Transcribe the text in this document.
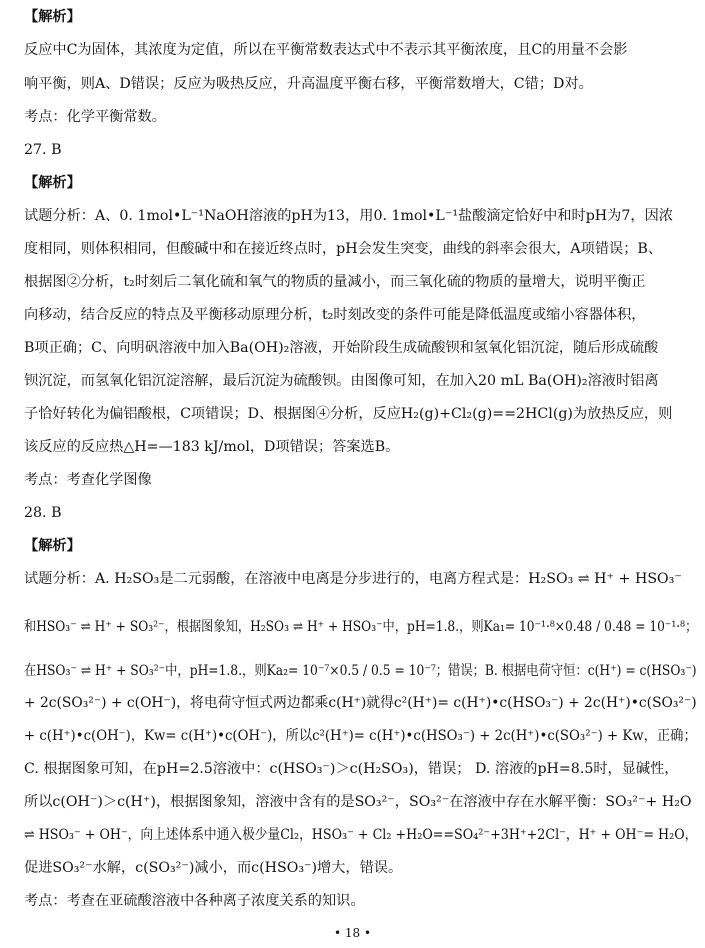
【解析】
反应中C为固体，其浓度为定值，所以在平衡常数表达式中不表示其平衡浓度，且C的用量不会影
响平衡，则A、D错误；反应为吸热反应，升高温度平衡右移，平衡常数增大，C错；D对。
考点：化学平衡常数。
27. B
【解析】
试题分析：A、0. 1mol•L⁻¹NaOH溶液的pH为13，用0. 1mol•L⁻¹盐酸滴定恰好中和时pH为7，因浓
度相同，则体积相同，但酸碱中和在接近终点时，pH会发生突变，曲线的斜率会很大，A项错误；B、
根据图②分析，t₂时刻后二氧化硫和氧气的物质的量减小，而三氧化硫的物质的量增大，说明平衡正
向移动，结合反应的特点及平衡移动原理分析，t₂时刻改变的条件可能是降低温度或缩小容器体积，
B项正确；C、向明矾溶液中加入Ba(OH)₂溶液，开始阶段生成硫酸钡和氢氧化铝沉淀，随后形成硫酸
钡沉淀，而氢氧化铝沉淀溶解，最后沉淀为硫酸钡。由图像可知，在加入20 mL Ba(OH)₂溶液时铝离
子恰好转化为偏铝酸根，C项错误；D、根据图④分析，反应H₂(g)+Cl₂(g)==2HCl(g)为放热反应，则
该反应的反应热△H=—183 kJ/mol，D项错误；答案选B。
考点：考查化学图像
28. B
【解析】
试题分析：A. H₂SO₃是二元弱酸，在溶液中电离是分步进行的，电离方程式是：H₂SO₃ ⇌ H⁺ + HSO₃⁻
和HSO₃⁻ ⇌ H⁺ + SO₃²⁻，根据图象知，H₂SO₃ ⇌ H⁺ + HSO₃⁻中，pH=1.8.，则Ka₁= 10⁻¹·⁸×0.48 / 0.48 = 10⁻¹·⁸；
在HSO₃⁻ ⇌ H⁺ + SO₃²⁻中，pH=1.8.，则Ka₂= 10⁻⁷×0.5 / 0.5 = 10⁻⁷；错误；B. 根据电荷守恒：c(H⁺) = c(HSO₃⁻)
+ 2c(SO₃²⁻) + c(OH⁻)，将电荷守恒式两边都乘c(H⁺)就得c²(H⁺)= c(H⁺)•c(HSO₃⁻) + 2c(H⁺)•c(SO₃²⁻)
+ c(H⁺)•c(OH⁻)，Kw= c(H⁺)•c(OH⁻)，所以c²(H⁺)= c(H⁺)•c(HSO₃⁻) + 2c(H⁺)•c(SO₃²⁻) + Kw，正确；
C. 根据图象可知，在pH=2.5溶液中：c(HSO₃⁻)＞c(H₂SO₃)，错误； D. 溶液的pH=8.5时，显碱性，
所以c(OH⁻)＞c(H⁺)，根据图象知，溶液中含有的是SO₃²⁻，SO₃²⁻在溶液中存在水解平衡：SO₃²⁻+ H₂O
⇌ HSO₃⁻ + OH⁻，向上述体系中通入极少量Cl₂，HSO₃⁻ + Cl₂ +H₂O==SO₄²⁻+3H⁺+2Cl⁻，H⁺ + OH⁻= H₂O，
促进SO₃²⁻水解，c(SO₃²⁻)减小，而c(HSO₃⁻)增大，错误。
考点：考查在亚硫酸溶液中各种离子浓度关系的知识。
• 18 •
